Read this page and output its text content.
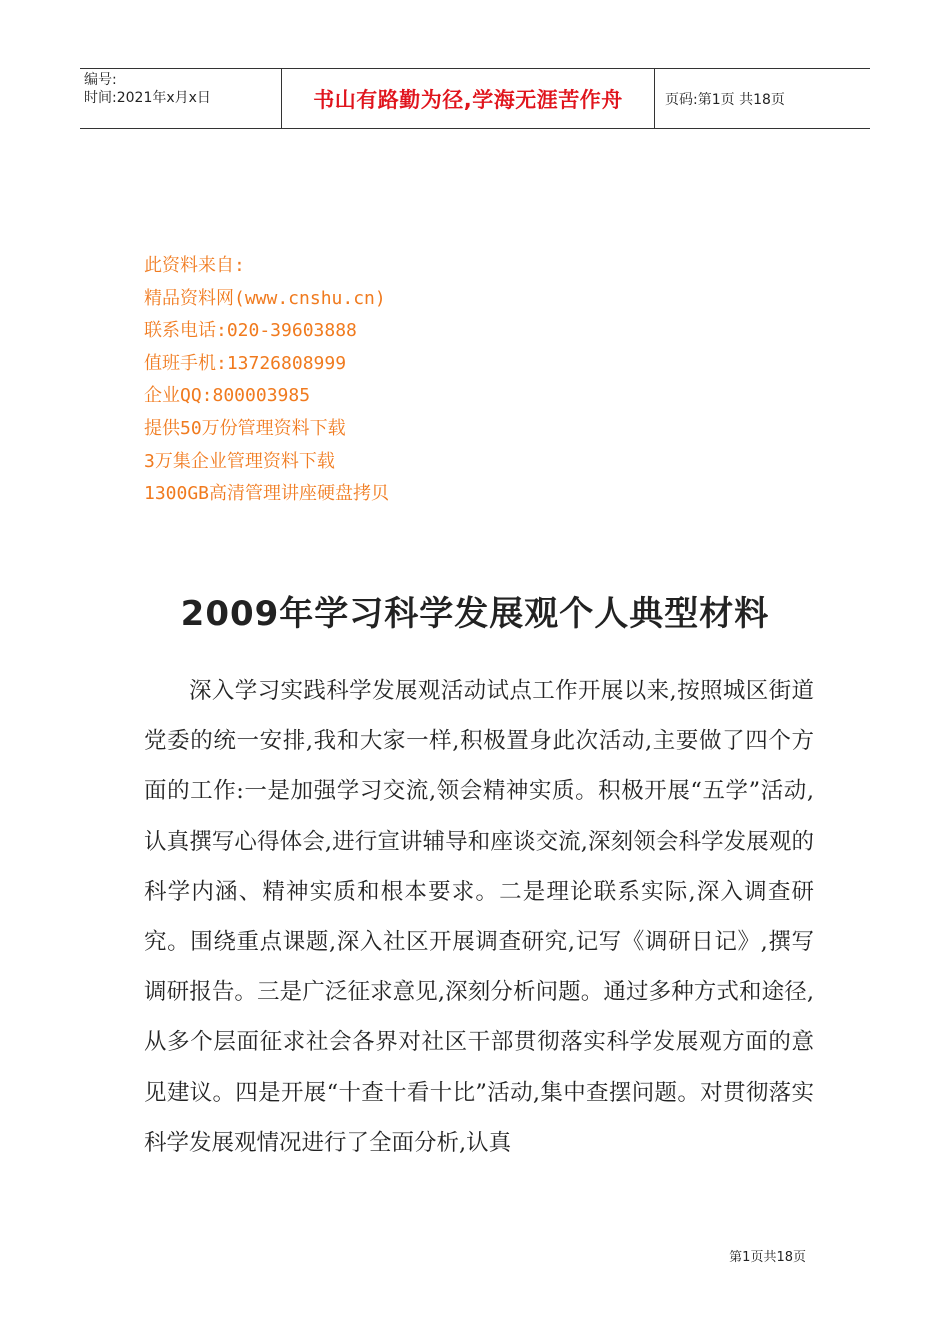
编号:
时间:2021年x月x日	书山有路勤为径,学海无涯苦作舟	页码:第1页 共18页
此资料来自:
精品资料网(www.cnshu.cn)
联系电话:020-39603888
值班手机:13726808999
企业QQ:800003985
提供50万份管理资料下载
3万集企业管理资料下载
1300GB高清管理讲座硬盘拷贝
2009年学习科学发展观个人典型材料

深入学习实践科学发展观活动试点工作开展以来,按照城区街道党委的统一安排,我和大家一样,积极置身此次活动,主要做了四个方面的工作:一是加强学习交流,领会精神实质。积极开展“五学”活动,认真撰写心得体会,进行宣讲辅导和座谈交流,深刻领会科学发展观的科学内涵、精神实质和根本要求。二是理论联系实际,深入调查研究。围绕重点课题,深入社区开展调查研究,记写《调研日记》,撰写调研报告。三是广泛征求意见,深刻分析问题。通过多种方式和途径,从多个层面征求社会各界对社区干部贯彻落实科学发展观方面的意见建议。四是开展“十查十看十比”活动,集中查摆问题。对贯彻落实科学发展观情况进行了全面分析,认真

第1页共18页
